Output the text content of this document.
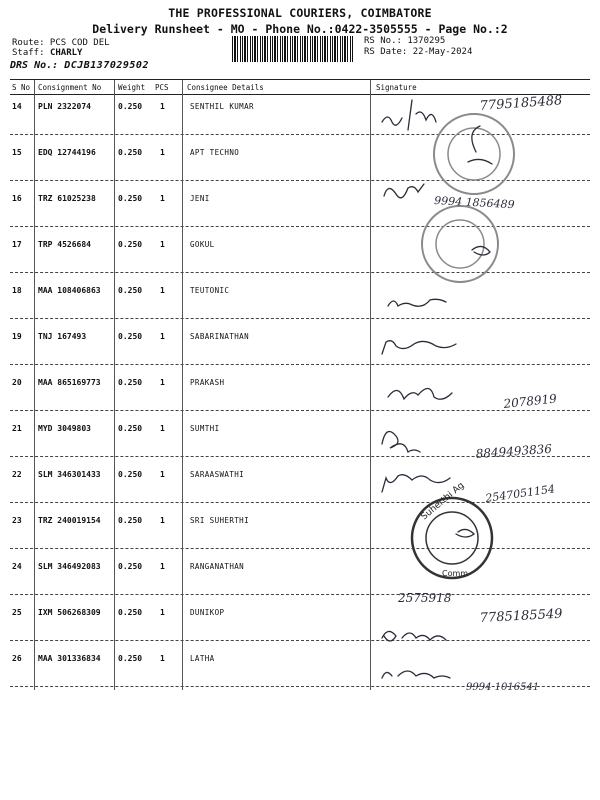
THE PROFESSIONAL COURIERS, COIMBATORE
Delivery Runsheet - MO - Phone No.:0422-3505555 - Page No.:2
Route: PCS COD DEL
Staff: CHARLY
DRS No.: DCJB137029502
RS No.: 1370295
RS Date: 22-May-2024
S No Consignment No Weight PCS Consignee Details	Signature
14 PLN 2322074	0.250 1	SENTHIL KUMAR
15 EDQ 12744196	0.250 1	APT TECHNO
16 TRZ 61025238	0.250 1	JENI
17 TRP 4526684	0.250 1	GOKUL
18 MAA 108406863 0.250 1	TEUTONIC
19 TNJ 167493	0.250 1	SABARINATHAN
20 MAA 865169773 0.250 1	PRAKASH
21 MYD 3049803	0.250 1	SUMTHI
22 SLM 346301433 0.250 1	SARAASWATHI
23 TRZ 240019154 0.250 1	SRI SUHERTHI
24 SLM 346492083 0.250 1	RANGANATHAN
25 IXM 506268309 0.250 1	DUNIKOP
26 MAA 301336834 0.250 1	LATHA
Suherthi Ag
Comm
7795185488
9994 1856489
2078919
8849493836
2547051154
2575918
7785185549
9994 1016541
